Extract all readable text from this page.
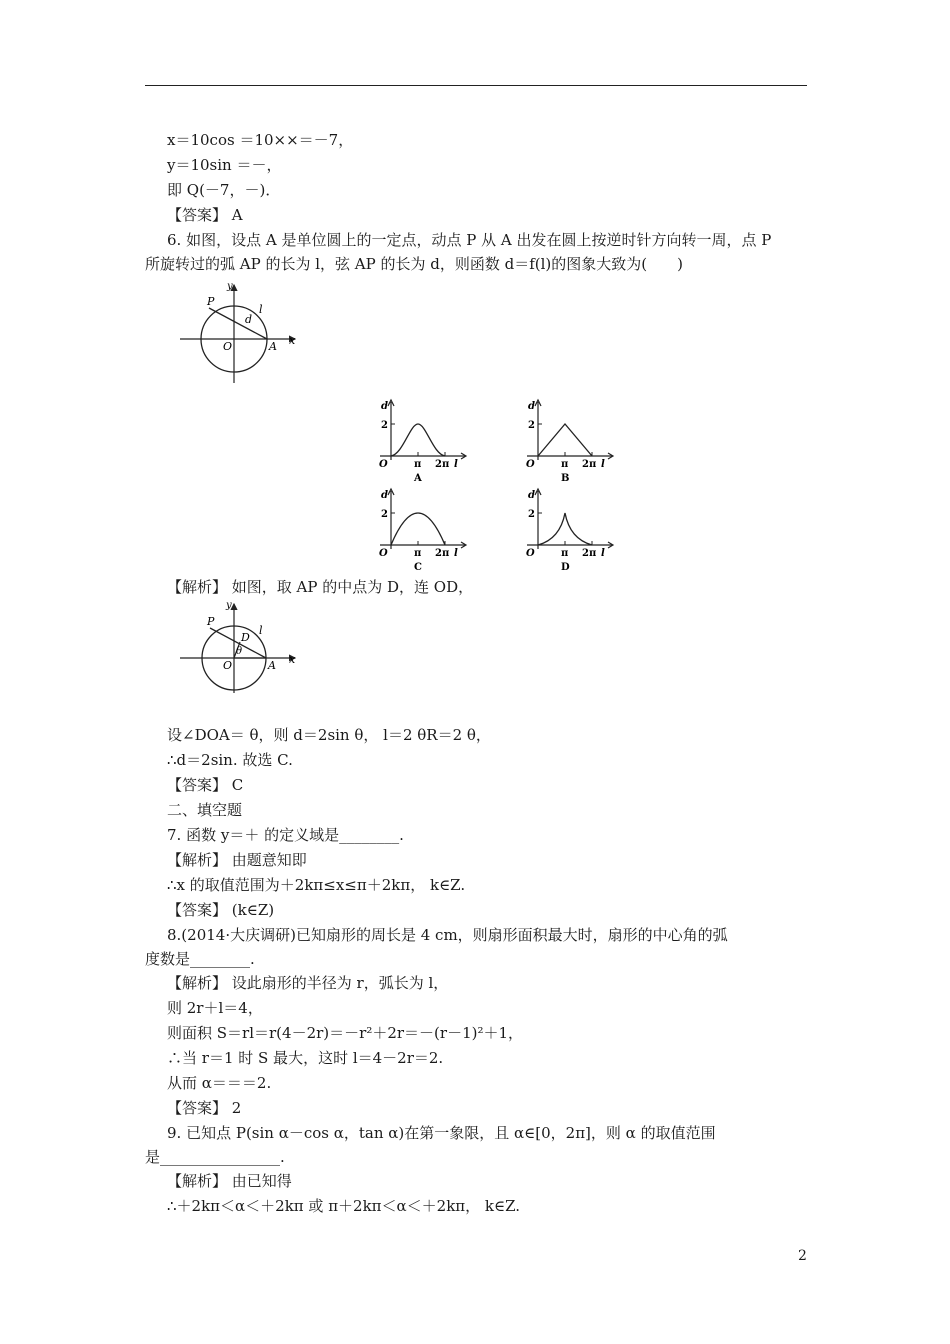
x＝10cos ＝10××＝－7，
y＝10sin ＝－，
即 Q(－7，－)．
【答案】 A
6. 如图，设点 A 是单位圆上的一定点，动点 P 从 A 出发在圆上按逆时针方向转一周，点 P
所旋转过的弧 AP 的长为 l，弦 AP 的长为 d，则函数 d＝f(l)的图象大致为(　　)
y
x
P
l
d
O	A
d
2
O	π 2π l
A
d
2
O	π 2π l
B
d
2
O	π 2π l
C
d
2
O	π 2π l
D
【解析】 如图，取 AP 的中点为 D，连 OD，
y
x
P
D
l
θ
O	A
设∠DOA＝ θ，则 d＝2sin θ， l＝2 θR＝2 θ，
∴d＝2sin. 故选 C.
【答案】 C
二、填空题
7. 函数 y＝＋ 的定义域是________.
【解析】 由题意知即
∴x 的取值范围为＋2kπ≤x≤π＋2kπ， k∈Z.
【答案】 (k∈Z)
8.(2014·大庆调研)已知扇形的周长是 4 cm，则扇形面积最大时，扇形的中心角的弧
度数是________.
【解析】 设此扇形的半径为 r，弧长为 l，
则 2r＋l＝4，
则面积 S＝rl＝r(4－2r)＝－r²＋2r＝－(r－1)²＋1，
∴当 r＝1 时 S 最大，这时 l＝4－2r＝2.
从而 α＝＝＝2.
【答案】 2
9. 已知点 P(sin α－cos α，tan α)在第一象限，且 α∈[0，2π]，则 α 的取值范围
是________________.
【解析】 由已知得
∴＋2kπ＜α＜＋2kπ 或 π＋2kπ＜α＜＋2kπ， k∈Z.
2
